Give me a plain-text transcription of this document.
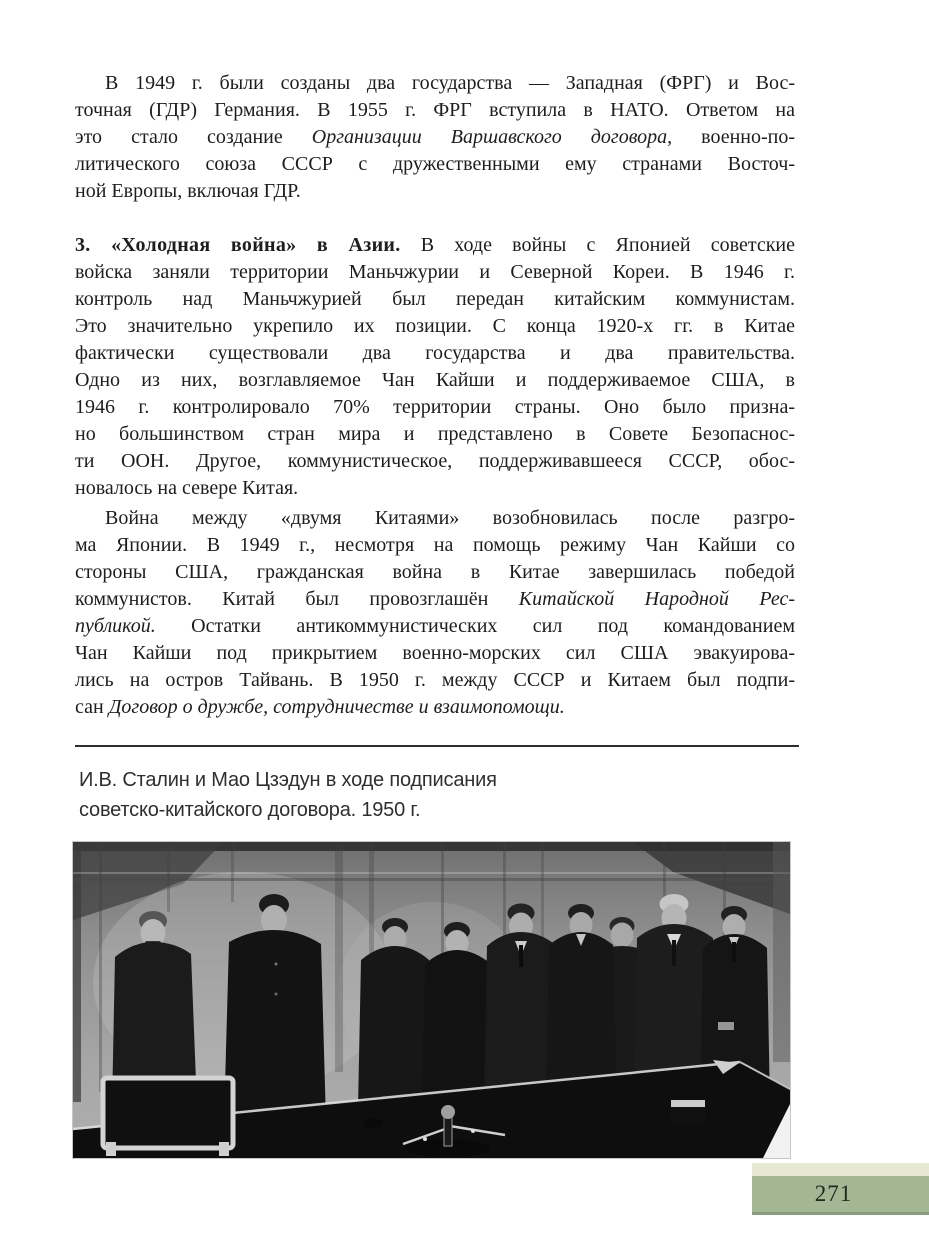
В 1949 г. были созданы два государства — Западная (ФРГ) и Вос-
точная (ГДР) Германия. В 1955 г. ФРГ вступила в НАТО. Ответом на
это стало создание Организации Варшавского договора, военно-по-
литического союза СССР с дружественными ему странами Восточ-
ной Европы, включая ГДР.
3. «Холодная война» в Азии. В ходе войны с Японией советские
войска заняли территории Маньчжурии и Северной Кореи. В 1946 г.
контроль над Маньчжурией был передан китайским коммунистам.
Это значительно укрепило их позиции. С конца 1920-х гг. в Китае
фактически существовали два государства и два правительства.
Одно из них, возглавляемое Чан Кайши и поддерживаемое США, в
1946 г. контролировало 70% территории страны. Оно было призна-
но большинством стран мира и представлено в Совете Безопаснос-
ти ООН. Другое, коммунистическое, поддерживавшееся СССР, обос-
новалось на севере Китая.
Война между «двумя Китаями» возобновилась после разгро-
ма Японии. В 1949 г., несмотря на помощь режиму Чан Кайши со
стороны США, гражданская война в Китае завершилась победой
коммунистов. Китай был провозглашён Китайской Народной Рес-
публикой. Остатки антикоммунистических сил под командованием
Чан Кайши под прикрытием военно-морских сил США эвакуирова-
лись на остров Тайвань. В 1950 г. между СССР и Китаем был подпи-
сан Договор о дружбе, сотрудничестве и взаимопомощи.
И.В. Сталин и Мао Цзэдун в ходе подписания
советско-китайского договора. 1950 г.
271
